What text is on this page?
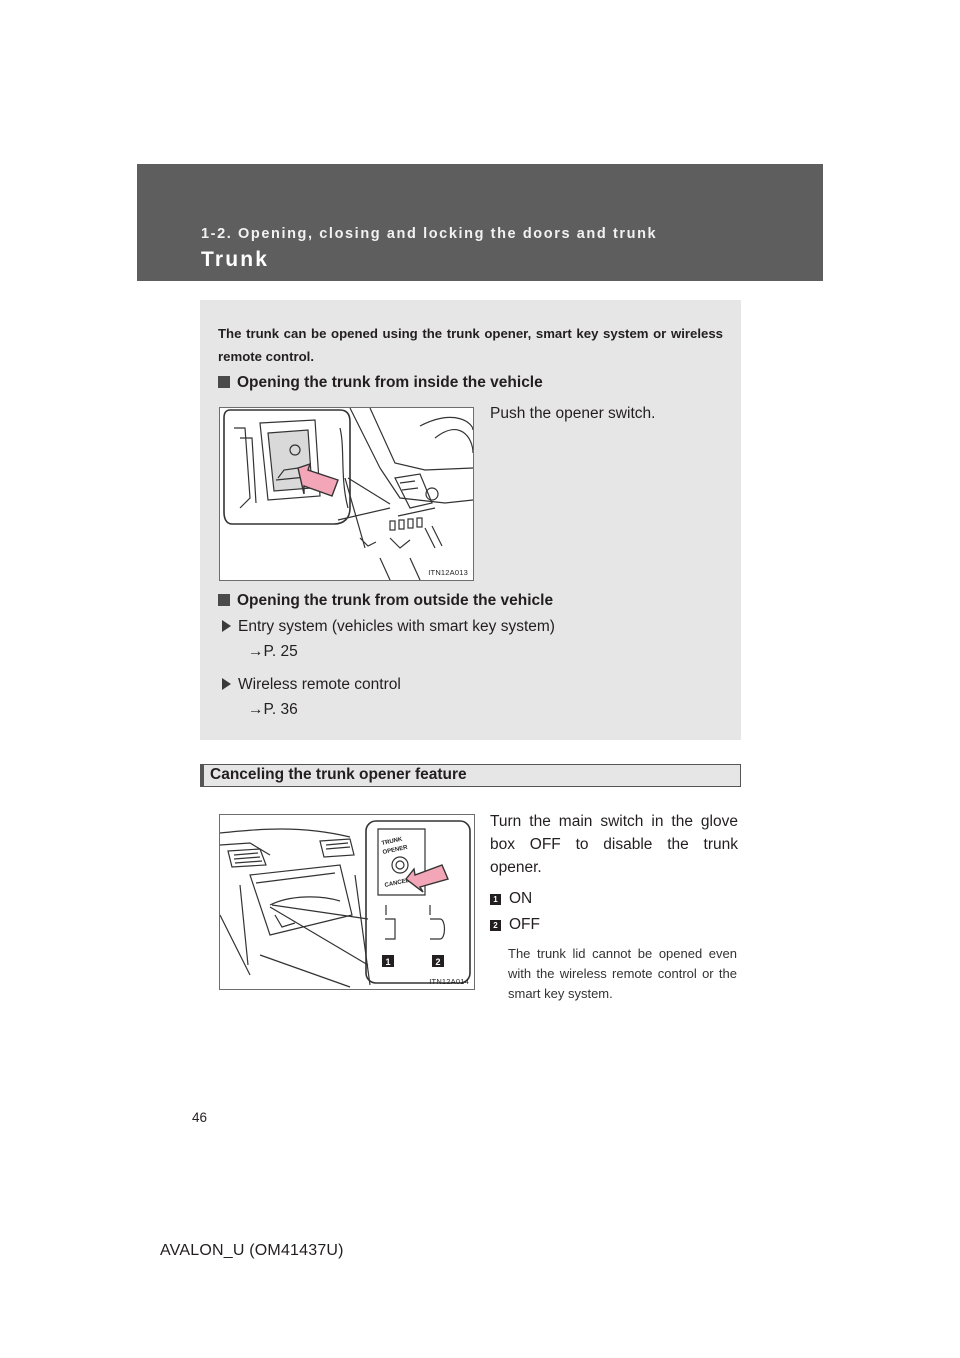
1-2. Opening, closing and locking the doors and trunk
Trunk
The trunk can be opened using the trunk opener, smart key system or wireless remote control.
Opening the trunk from inside the vehicle
Push the opener switch.
ITN12A013
Opening the trunk from outside the vehicle
Entry system (vehicles with smart key system)
→P. 25
Wireless remote control
→P. 36
Canceling the trunk opener feature
Turn the main switch in the glove box OFF to disable the trunk opener.
TRUNK
OPENER
CANCEL
1	2
ITN12A014
1 ON
2 OFF
The trunk lid cannot be opened even with the wireless remote control or the smart key system.
46
AVALON_U (OM41437U)
